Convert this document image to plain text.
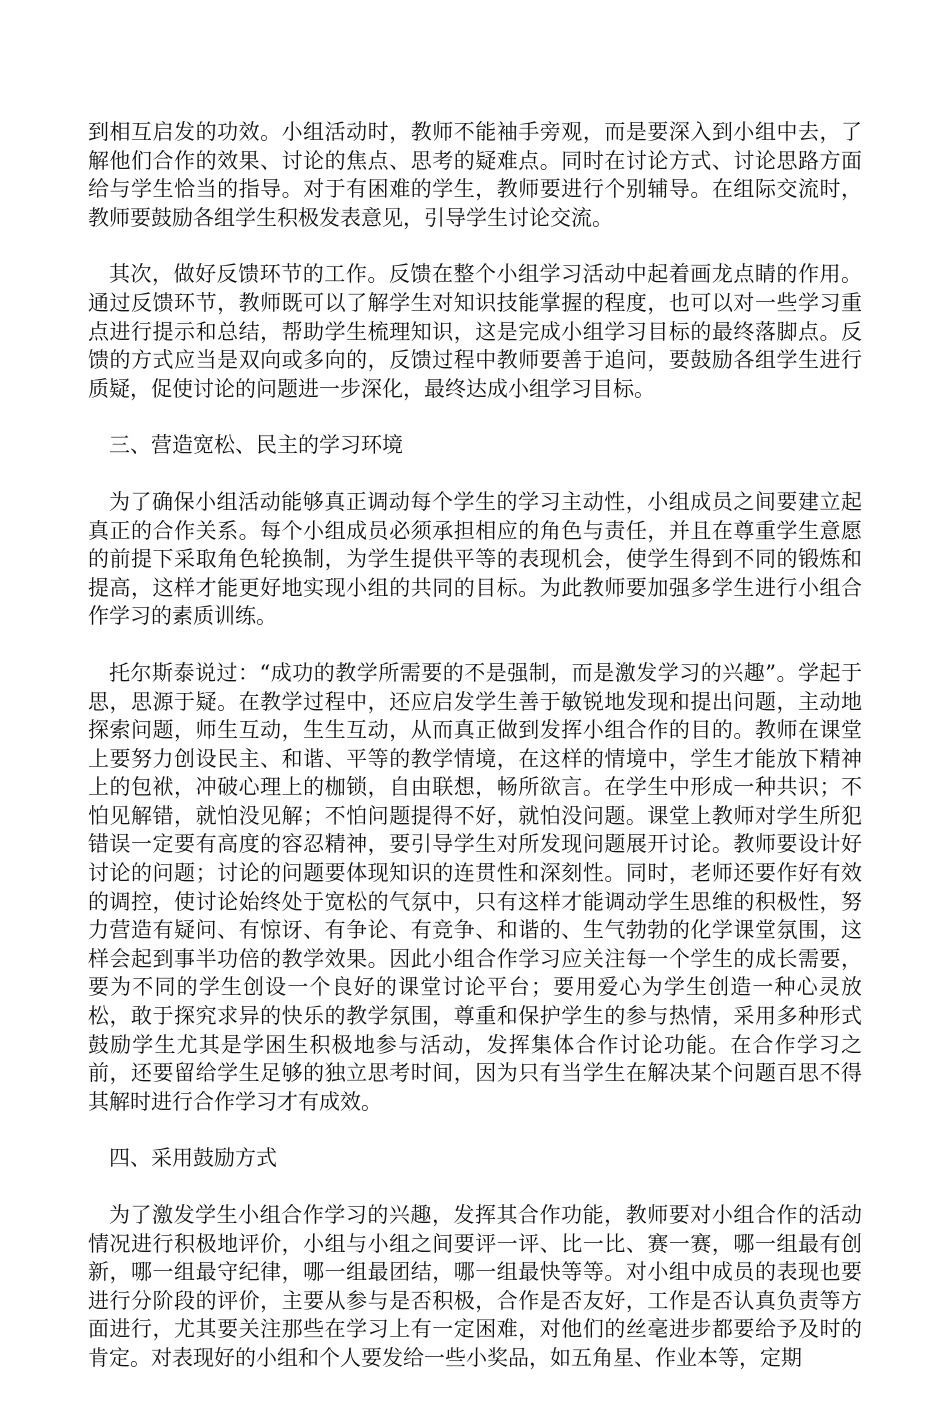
到相互启发的功效。小组活动时，教师不能袖手旁观，而是要深入到小组中去，了解他们合作的效果、讨论的焦点、思考的疑难点。同时在讨论方式、讨论思路方面给与学生恰当的指导。对于有困难的学生，教师要进行个别辅导。在组际交流时，教师要鼓励各组学生积极发表意见，引导学生讨论交流。

其次，做好反馈环节的工作。反馈在整个小组学习活动中起着画龙点睛的作用。通过反馈环节，教师既可以了解学生对知识技能掌握的程度，也可以对一些学习重点进行提示和总结，帮助学生梳理知识，这是完成小组学习目标的最终落脚点。反馈的方式应当是双向或多向的，反馈过程中教师要善于追问，要鼓励各组学生进行质疑，促使讨论的问题进一步深化，最终达成小组学习目标。

三、营造宽松、民主的学习环境

为了确保小组活动能够真正调动每个学生的学习主动性，小组成员之间要建立起真正的合作关系。每个小组成员必须承担相应的角色与责任，并且在尊重学生意愿的前提下采取角色轮换制，为学生提供平等的表现机会，使学生得到不同的锻炼和提高，这样才能更好地实现小组的共同的目标。为此教师要加强多学生进行小组合作学习的素质训练。

托尔斯泰说过：“成功的教学所需要的不是强制，而是激发学习的兴趣”。学起于思，思源于疑。在教学过程中，还应启发学生善于敏锐地发现和提出问题，主动地探索问题，师生互动，生生互动，从而真正做到发挥小组合作的目的。教师在课堂上要努力创设民主、和谐、平等的教学情境，在这样的情境中，学生才能放下精神上的包袱，冲破心理上的枷锁，自由联想，畅所欲言。在学生中形成一种共识；不怕见解错，就怕没见解；不怕问题提得不好，就怕没问题。课堂上教师对学生所犯错误一定要有高度的容忍精神，要引导学生对所发现问题展开讨论。教师要设计好讨论的问题；讨论的问题要体现知识的连贯性和深刻性。同时，老师还要作好有效的调控，使讨论始终处于宽松的气氛中，只有这样才能调动学生思维的积极性，努力营造有疑问、有惊讶、有争论、有竞争、和谐的、生气勃勃的化学课堂氛围，这样会起到事半功倍的教学效果。因此小组合作学习应关注每一个学生的成长需要，要为不同的学生创设一个良好的课堂讨论平台；要用爱心为学生创造一种心灵放松，敢于探究求异的快乐的教学氛围，尊重和保护学生的参与热情，采用多种形式鼓励学生尤其是学困生积极地参与活动，发挥集体合作讨论功能。在合作学习之前，还要留给学生足够的独立思考时间，因为只有当学生在解决某个问题百思不得其解时进行合作学习才有成效。

四、采用鼓励方式

为了激发学生小组合作学习的兴趣，发挥其合作功能，教师要对小组合作的活动情况进行积极地评价，小组与小组之间要评一评、比一比、赛一赛，哪一组最有创新，哪一组最守纪律，哪一组最团结，哪一组最快等等。对小组中成员的表现也要进行分阶段的评价，主要从参与是否积极，合作是否友好，工作是否认真负责等方面进行，尤其要关注那些在学习上有一定困难，对他们的丝毫进步都要给予及时的肯定。对表现好的小组和个人要发给一些小奖品，如五角星、作业本等，定期
